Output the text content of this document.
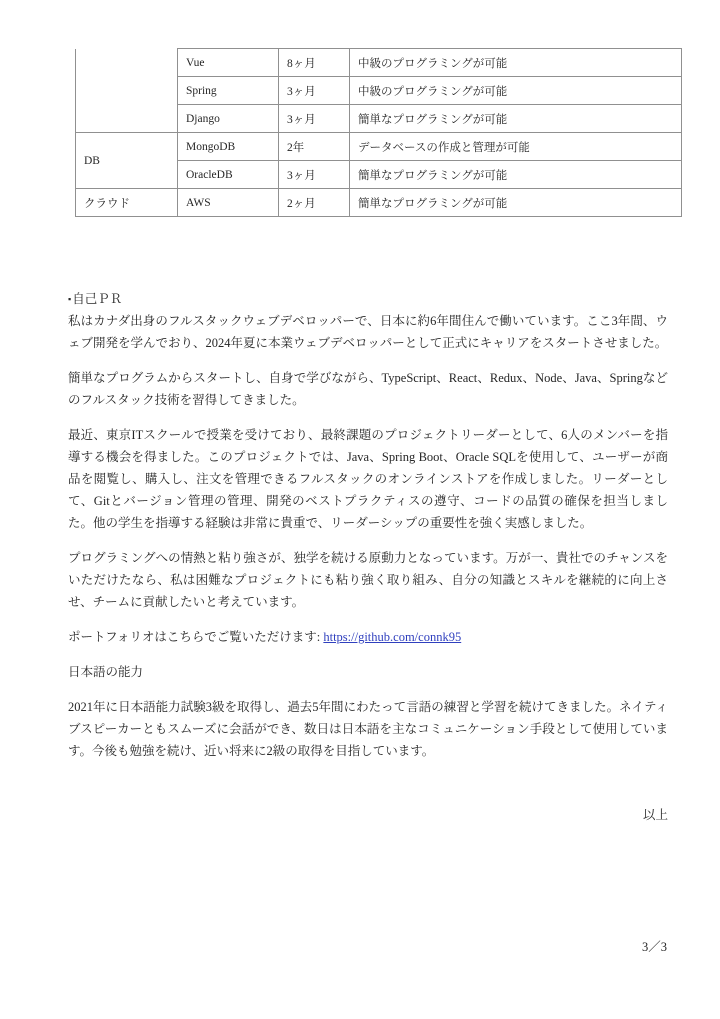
	Vue	8ヶ月	中級のプログラミングが可能
	Spring	3ヶ月	中級のプログラミングが可能
	Django	3ヶ月	簡単なプログラミングが可能
DB	MongoDB	2年	データベースの作成と管理が可能
	OracleDB	3ヶ月	簡単なプログラミングが可能
クラウド	AWS	2ヶ月	簡単なプログラミングが可能
▪自己ＰＲ

私はカナダ出身のフルスタックウェブデベロッパーで、日本に約6年間住んで働いています。ここ3年間、ウェブ開発を学んでおり、2024年夏に本業ウェブデベロッパーとして正式にキャリアをスタートさせました。

簡単なプログラムからスタートし、自身で学びながら、TypeScript、React、Redux、Node、Java、Springなどのフルスタック技術を習得してきました。

最近、東京ITスクールで授業を受けており、最終課題のプロジェクトリーダーとして、6人のメンバーを指導する機会を得ました。このプロジェクトでは、Java、Spring Boot、Oracle SQLを使用して、ユーザーが商品を閲覧し、購入し、注文を管理できるフルスタックのオンラインストアを作成しました。リーダーとして、Gitとバージョン管理の管理、開発のベストプラクティスの遵守、コードの品質の確保を担当しました。他の学生を指導する経験は非常に貴重で、リーダーシップの重要性を強く実感しました。

プログラミングへの情熱と粘り強さが、独学を続ける原動力となっています。万が一、貴社でのチャンスをいただけたなら、私は困難なプロジェクトにも粘り強く取り組み、自分の知識とスキルを継続的に向上させ、チームに貢献したいと考えています。

ポートフォリオはこちらでご覧いただけます: https://github.com/connk95

日本語の能力

2021年に日本語能力試験3級を取得し、過去5年間にわたって言語の練習と学習を続けてきました。ネイティブスピーカーともスムーズに会話ができ、数日は日本語を主なコミュニケーション手段として使用しています。今後も勉強を続け、近い将来に2級の取得を目指しています。

以上
3／3
